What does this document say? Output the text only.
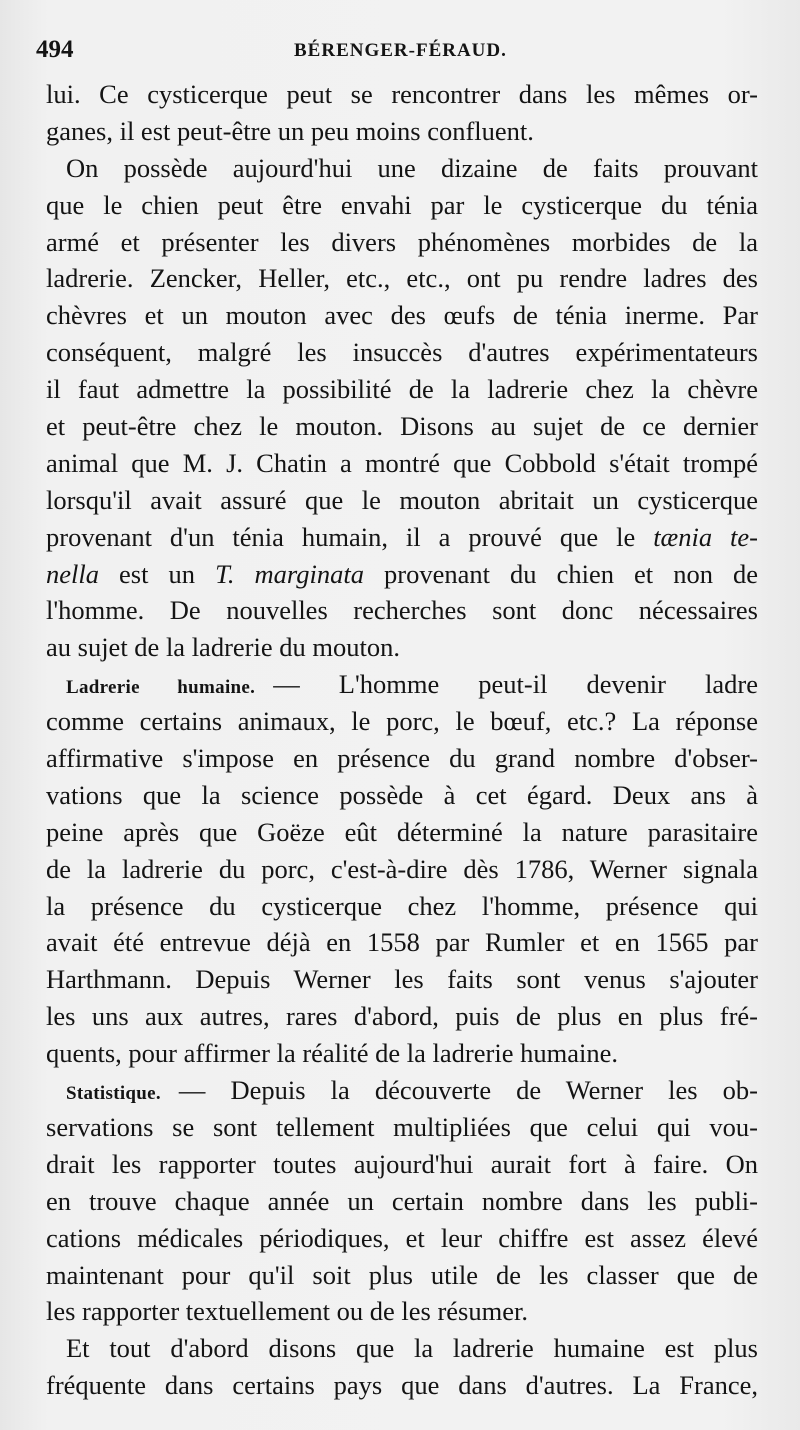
494	BÉRENGER-FÉRAUD.
lui. Ce cysticerque peut se rencontrer dans les mêmes or-
ganes, il est peut-être un peu moins confluent.
On possède aujourd'hui une dizaine de faits prouvant
que le chien peut être envahi par le cysticerque du ténia
armé et présenter les divers phénomènes morbides de la
ladrerie. Zencker, Heller, etc., etc., ont pu rendre ladres des
chèvres et un mouton avec des œufs de ténia inerme. Par
conséquent, malgré les insuccès d'autres expérimentateurs
il faut admettre la possibilité de la ladrerie chez la chèvre
et peut-être chez le mouton. Disons au sujet de ce dernier
animal que M. J. Chatin a montré que Cobbold s'était trompé
lorsqu'il avait assuré que le mouton abritait un cysticerque
provenant d'un ténia humain, il a prouvé que le tænia te-
nella est un T. marginata provenant du chien et non de
l'homme. De nouvelles recherches sont donc nécessaires
au sujet de la ladrerie du mouton.
Ladrerie humaine. — L'homme peut-il devenir ladre
comme certains animaux, le porc, le bœuf, etc.? La réponse
affirmative s'impose en présence du grand nombre d'obser-
vations que la science possède à cet égard. Deux ans à
peine après que Goëze eût déterminé la nature parasitaire
de la ladrerie du porc, c'est-à-dire dès 1786, Werner signala
la présence du cysticerque chez l'homme, présence qui
avait été entrevue déjà en 1558 par Rumler et en 1565 par
Harthmann. Depuis Werner les faits sont venus s'ajouter
les uns aux autres, rares d'abord, puis de plus en plus fré-
quents, pour affirmer la réalité de la ladrerie humaine.
Statistique. — Depuis la découverte de Werner les ob-
servations se sont tellement multipliées que celui qui vou-
drait les rapporter toutes aujourd'hui aurait fort à faire. On
en trouve chaque année un certain nombre dans les publi-
cations médicales périodiques, et leur chiffre est assez élevé
maintenant pour qu'il soit plus utile de les classer que de
les rapporter textuellement ou de les résumer.
Et tout d'abord disons que la ladrerie humaine est plus
fréquente dans certains pays que dans d'autres. La France,
